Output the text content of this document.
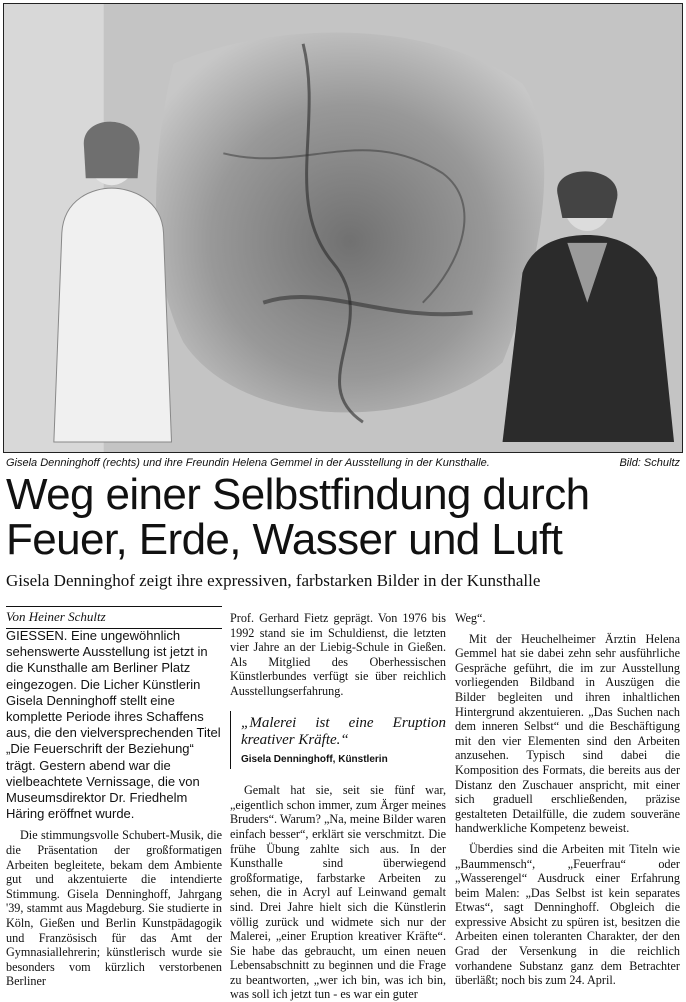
Gisela Denninghoff (rechts) und ihre Freundin Helena Gemmel in der Ausstellung in der Kunsthalle.	Bild: Schultz
Weg einer Selbstfindung durch
Feuer, Erde, Wasser und Luft

Gisela Denninghof zeigt ihre expressiven, farbstarken Bilder in der Kunsthalle

Von Heiner Schultz

GIESSEN. Eine ungewöhnlich sehenswerte Ausstellung ist jetzt in die Kunsthalle am Berliner Platz eingezogen. Die Licher Künstlerin Gisela Denninghoff stellt eine komplette Periode ihres Schaffens aus, die den vielversprechenden Titel „Die Feuerschrift der Beziehung“ trägt. Gestern abend war die vielbeachtete Vernissage, die von Museumsdirektor Dr. Friedhelm Häring eröffnet wurde.

Die stimmungsvolle Schubert-Musik, die die Präsentation der großformatigen Arbeiten begleitete, bekam dem Ambiente gut und akzentuierte die intendierte Stimmung. Gisela Denninghoff, Jahrgang '39, stammt aus Magdeburg. Sie studierte in Köln, Gießen und Berlin Kunstpädagogik und Französisch für das Amt der Gymnasiallehrerin; künstlerisch wurde sie besonders vom kürzlich verstorbenen Berliner

Prof. Gerhard Fietz geprägt. Von 1976 bis 1992 stand sie im Schuldienst, die letzten vier Jahre an der Liebig-Schule in Gießen. Als Mitglied des Oberhessischen Künstlerbundes verfügt sie über reichlich Ausstellungserfahrung.

„Malerei ist eine Eruption kreativer Kräfte.“
Gisela Denninghoff, Künstlerin

Gemalt hat sie, seit sie fünf war, „eigentlich schon immer, zum Ärger meines Bruders“. Warum? „Na, meine Bilder waren einfach besser“, erklärt sie verschmitzt. Die frühe Übung zahlte sich aus. In der Kunsthalle sind überwiegend großformatige, farbstarke Arbeiten zu sehen, die in Acryl auf Leinwand gemalt sind. Drei Jahre hielt sich die Künstlerin völlig zurück und widmete sich nur der Malerei, „einer Eruption kreativer Kräfte“. Sie habe das gebraucht, um einen neuen Lebensabschnitt zu beginnen und die Frage zu beantworten, „wer ich bin, was ich bin, was soll ich jetzt tun - es war ein guter

Weg“.

Mit der Heuchelheimer Ärztin Helena Gemmel hat sie dabei zehn sehr ausführliche Gespräche geführt, die im zur Ausstellung vorliegenden Bildband in Auszügen die Bilder begleiten und ihren inhaltlichen Hintergrund akzentuieren. „Das Suchen nach dem inneren Selbst“ und die Beschäftigung mit den vier Elementen sind den Arbeiten anzusehen. Typisch sind dabei die Komposition des Formats, die bereits aus der Distanz den Zuschauer anspricht, mit einer sich graduell erschließenden, präzise gestalteten Detailfülle, die zudem souveräne handwerkliche Kompetenz beweist.

Überdies sind die Arbeiten mit Titeln wie „Baummensch“, „Feuerfrau“ oder „Wasserengel“ Ausdruck einer Erfahrung beim Malen: „Das Selbst ist kein separates Etwas“, sagt Denninghoff. Obgleich die expressive Absicht zu spüren ist, besitzen die Arbeiten einen toleranten Charakter, der den Grad der Versenkung in die reichlich vorhandene Substanz ganz dem Betrachter überläßt; noch bis zum 24. April.
